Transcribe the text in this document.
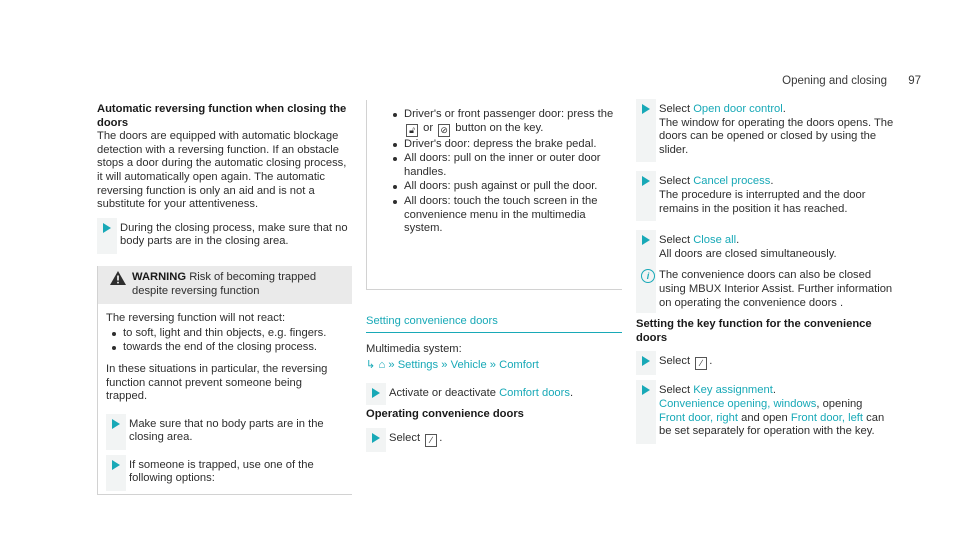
Opening and closing 97

Automatic reversing function when closing the doors

The doors are equipped with automatic blockage detection with a reversing function. If an obstacle stops a door during the automatic closing process, it will automatically open again. The automatic reversing function is only an aid and is not a substitute for your attentiveness.

During the closing process, make sure that no body parts are in the closing area.
WARNING Risk of becoming trapped despite reversing function

The reversing function will not react:

to soft, light and thin objects, e.g. fingers.
towards the end of the closing process.

In these situations in particular, the reversing function cannot prevent someone being trapped.

Make sure that no body parts are in the closing area.
If someone is trapped, use one of the following options:
Driver's or front passenger door: press the 🔓︎ or ⊘ button on the key.
Driver's door: depress the brake pedal.
All doors: pull on the inner or outer door handles.
All doors: push against or pull the door.
All doors: touch the touch screen in the convenience menu in the multimedia system.

Setting convenience doors

Multimedia system:

↳ ⌂ » Settings » Vehicle » Comfort

Activate or deactivate Comfort doors.

Operating convenience doors

Select ∕ .
Select Open door control.
The window for operating the doors opens. The doors can be opened or closed by using the slider.
Select Cancel process.
The procedure is interrupted and the door remains in the position it has reached.
Select Close all.
All doors are closed simultaneously.
i The convenience doors can also be closed using MBUX Interior Assist. Further information on operating the convenience doors .

Setting the key function for the convenience doors

Select ∕ .
Select Key assignment.
Convenience opening, windows, opening
Front door, right and open Front door, left can be set separately for operation with the key.
